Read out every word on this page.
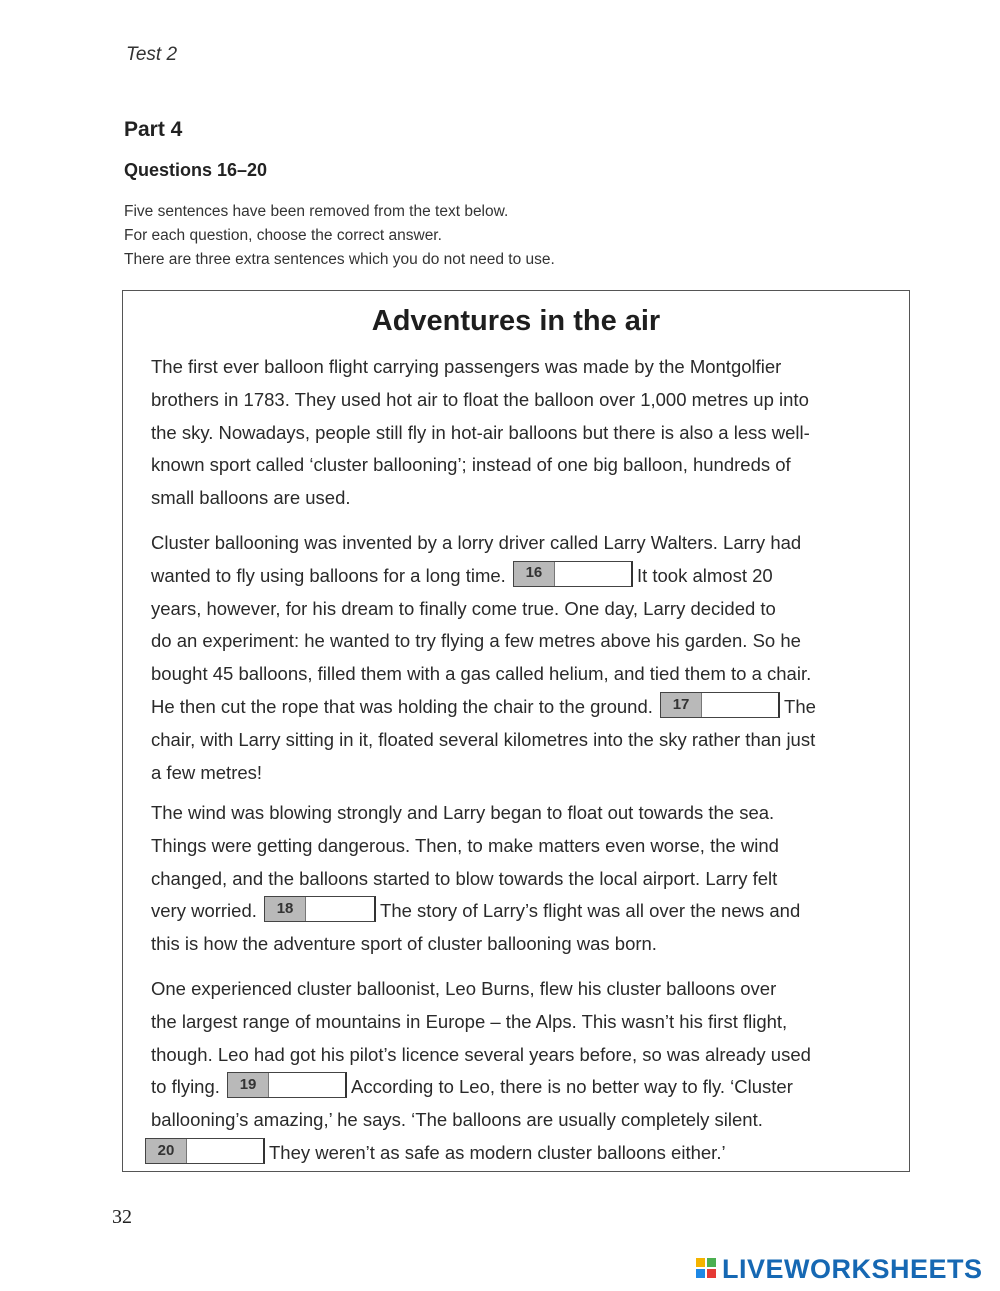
Test 2
Part 4
Questions 16–20
Five sentences have been removed from the text below.
For each question, choose the correct answer.
There are three extra sentences which you do not need to use.
Adventures in the air
The first ever balloon flight carrying passengers was made by the Montgolfier
brothers in 1783. They used hot air to float the balloon over 1,000 metres up into
the sky. Nowadays, people still fly in hot-air balloons but there is also a less well-
known sport called ‘cluster ballooning’; instead of one big balloon, hundreds of
small balloons are used.
Cluster ballooning was invented by a lorry driver called Larry Walters. Larry had
wanted to fly using balloons for a long time.	16	It took almost 20
years, however, for his dream to finally come true. One day, Larry decided to
do an experiment: he wanted to try flying a few metres above his garden. So he
bought 45 balloons, filled them with a gas called helium, and tied them to a chair.
He then cut the rope that was holding the chair to the ground.	17	The
chair, with Larry sitting in it, floated several kilometres into the sky rather than just
a few metres!
The wind was blowing strongly and Larry began to float out towards the sea.
Things were getting dangerous. Then, to make matters even worse, the wind
changed, and the balloons started to blow towards the local airport. Larry felt
very worried.	18	The story of Larry’s flight was all over the news and
this is how the adventure sport of cluster ballooning was born.
One experienced cluster balloonist, Leo Burns, flew his cluster balloons over
the largest range of mountains in Europe – the Alps. This wasn’t his first flight,
though. Leo had got his pilot’s licence several years before, so was already used
to flying.	19	According to Leo, there is no better way to fly. ‘Cluster
ballooning’s amazing,’ he says. ‘The balloons are usually completely silent.
20	They weren’t as safe as modern cluster balloons either.’
32
LIVEWORKSHEETS
